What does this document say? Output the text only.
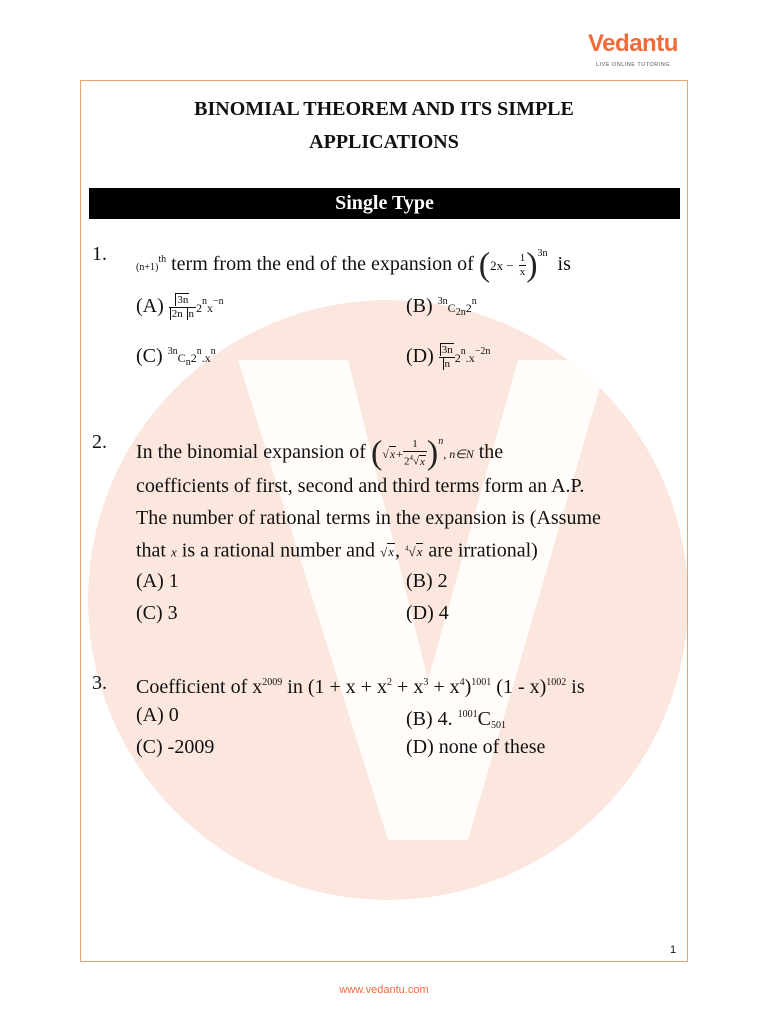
Vedantu
LIVE ONLINE TUTORING
BINOMIAL THEOREM AND ITS SIMPLE
APPLICATIONS
Single Type
1.
$(n+1)^{th}$ term from the end of the expansion of $(2x - \frac{1}{x} )^{3n}$ is
$(A) \frac{3n}{\text{2n n}} 2^nx^{-n}$	(B) $^{3n}C_{2n}2^n$
(C) $^{3n}C_n2^n.x^n$	$(D) \frac{3n}{n} 2^n.x^{-2n}$
2. In the binomial expansion of $(√x+ \frac{1}{2^4√x} )^n$, n∈N the
coefficients of first, second and third terms form an A.P.
The number of rational terms in the expansion is (Assume
that x is a rational number and √x, $^4$√x are irrational)
(A) 1	(B) 2
(C) 3	(D) 4
3. Coefficient of $x^{2009}$ in $(1 + x + x^2 + x^3 + x^4)^{1001}$ (1 - x)$^{1002}$ is
(A) 0	(B) 4. $^{1001}C_{501}$
(C) -2009	(D) none of these
1
www.vedantu.com
